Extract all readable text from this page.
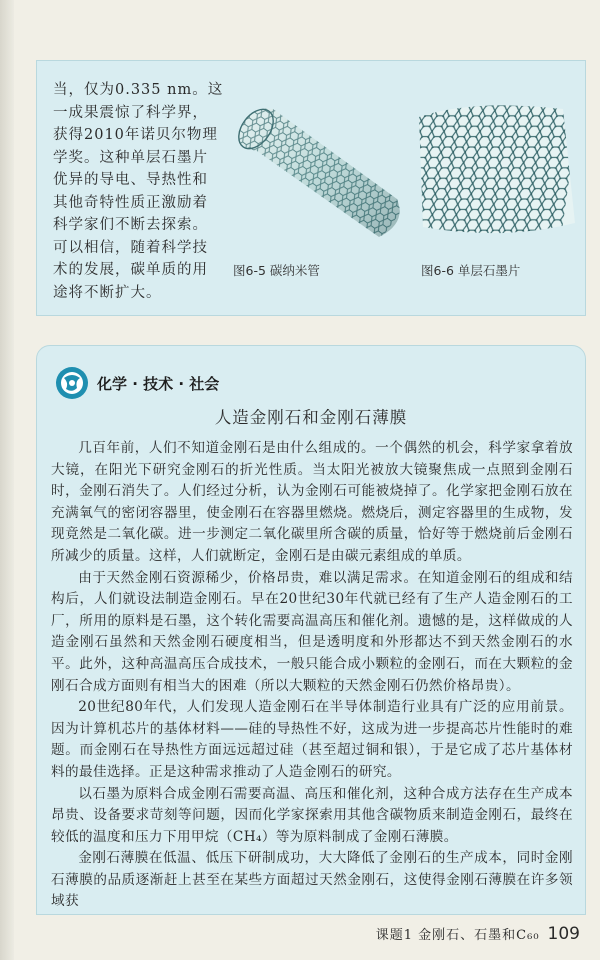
当，仅为0.335 nm。这

一成果震惊了科学界，

获得2010年诺贝尔物理

学奖。这种单层石墨片

优异的导电、导热性和

其他奇特性质正激励着

科学家们不断去探索。

可以相信，随着科学技

术的发展，碳单质的用

途将不断扩大。

图6-5 碳纳米管	图6-6 单层石墨片
化学 · 技术 · 社会
人造金刚石和金刚石薄膜

几百年前，人们不知道金刚石是由什么组成的。一个偶然的机会，科学家拿着放大镜，在阳光下研究金刚石的折光性质。当太阳光被放大镜聚焦成一点照到金刚石时，金刚石消失了。人们经过分析，认为金刚石可能被烧掉了。化学家把金刚石放在充满氧气的密闭容器里，使金刚石在容器里燃烧。燃烧后，测定容器里的生成物，发现竟然是二氧化碳。进一步测定二氧化碳里所含碳的质量，恰好等于燃烧前后金刚石所减少的质量。这样，人们就断定，金刚石是由碳元素组成的单质。

由于天然金刚石资源稀少，价格昂贵，难以满足需求。在知道金刚石的组成和结构后，人们就设法制造金刚石。早在20世纪30年代就已经有了生产人造金刚石的工厂，所用的原料是石墨，这个转化需要高温高压和催化剂。遗憾的是，这样做成的人造金刚石虽然和天然金刚石硬度相当，但是透明度和外形都达不到天然金刚石的水平。此外，这种高温高压合成技术，一般只能合成小颗粒的金刚石，而在大颗粒的金刚石合成方面则有相当大的困难（所以大颗粒的天然金刚石仍然价格昂贵）。

20世纪80年代，人们发现人造金刚石在半导体制造行业具有广泛的应用前景。因为计算机芯片的基体材料——硅的导热性不好，这成为进一步提高芯片性能时的难题。而金刚石在导热性方面远远超过硅（甚至超过铜和银），于是它成了芯片基体材料的最佳选择。正是这种需求推动了人造金刚石的研究。

以石墨为原料合成金刚石需要高温、高压和催化剂，这种合成方法存在生产成本昂贵、设备要求苛刻等问题，因而化学家探索用其他含碳物质来制造金刚石，最终在较低的温度和压力下用甲烷（CH₄）等为原料制成了金刚石薄膜。

金刚石薄膜在低温、低压下研制成功，大大降低了金刚石的生产成本，同时金刚石薄膜的品质逐渐赶上甚至在某些方面超过天然金刚石，这使得金刚石薄膜在许多领域获

课题1 金刚石、石墨和C₆₀ 109
